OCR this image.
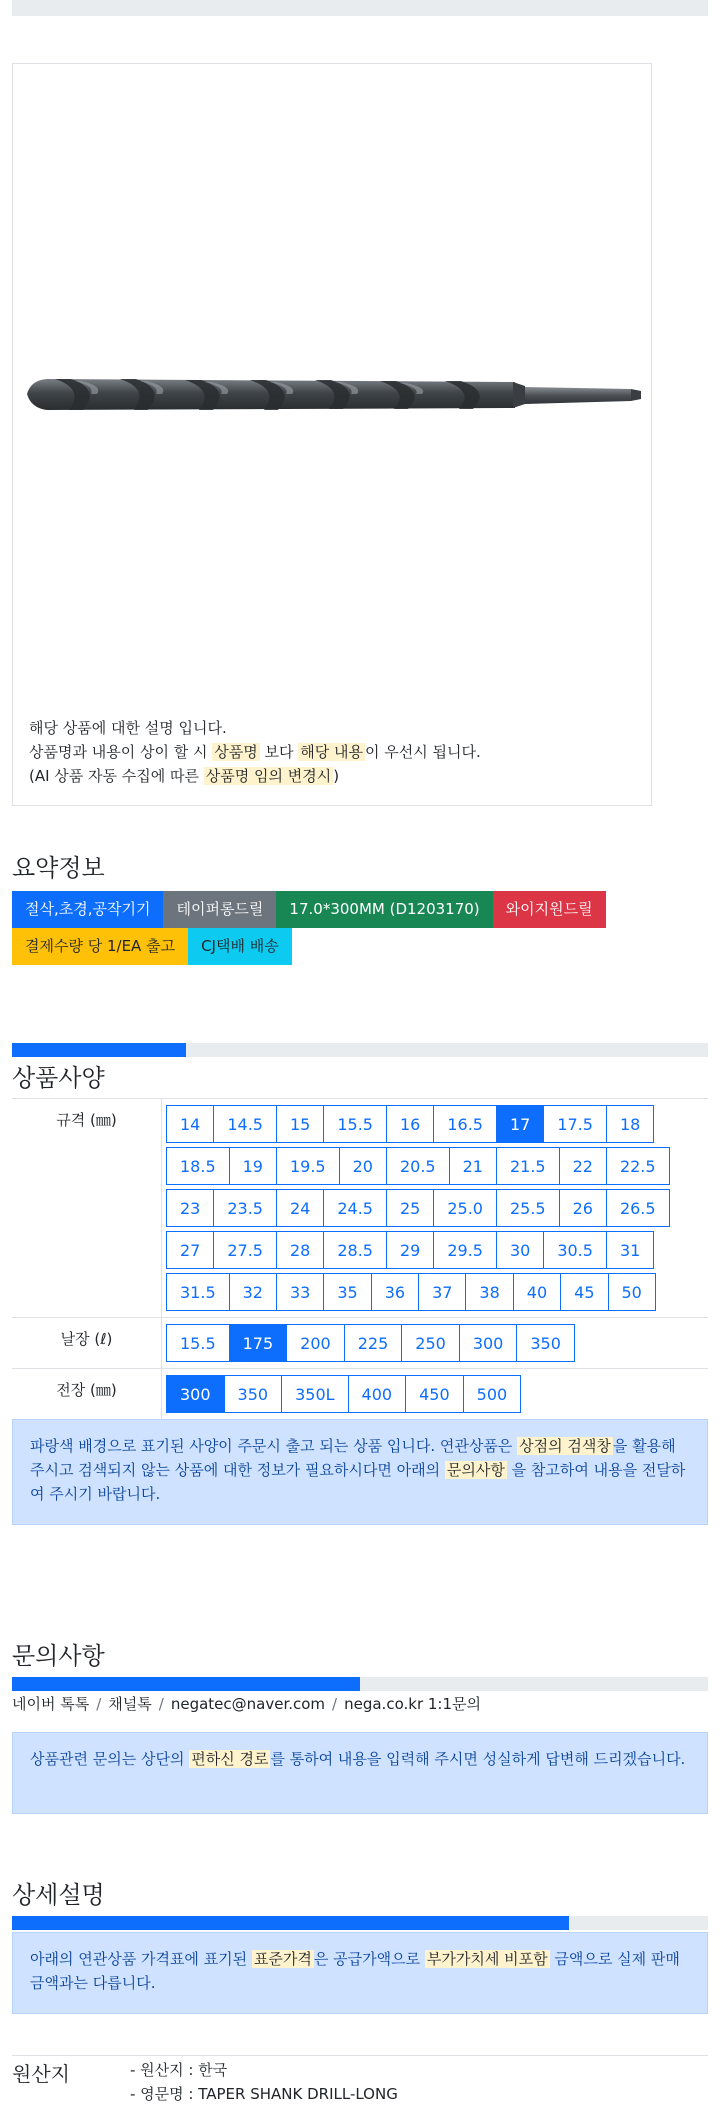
해당 상품에 대한 설명 입니다.
상품명과 내용이 상이 할 시 상품명 보다 해당 내용 이 우선시 됩니다.
(AI 상품 자동 수집에 따른 상품명 임의 변경시 )
요약정보
절삭,초경,공작기기	테이퍼롱드릴	17.0*300MM (D1203170)	와이지원드릴
결제수량 당 1/EA 출고	CJ택배 배송
상품사양
규격 (㎜)	14	14.5	15	15.5	16	16.5	17	17.5	18
18.5	19	19.5	20	20.5	21	21.5	22	22.5
23	23.5	24	24.5	25	25.0	25.5	26	26.5
27	27.5	28	28.5	29	29.5	30	30.5	31
31.5	32	33	35	36	37	38	40	45	50
날장 (ℓ)	15.5	175	200	225	250	300	350
전장 (㎜)	300	350	350L	400	450	500
파랑색 배경으로 표기된 사양이 주문시 출고 되는 상품 입니다. 연관상품은 상점의 검색창 을 활용해 주시고 검색되지 않는 상품에 대한 정보가 필요하시다면 아래의 문의사항 을 참고하여 내용을 전달하여 주시기 바랍니다.
문의사항
네이버 톡톡 / 채널톡 / negatec@naver.com / nega.co.kr 1:1문의
상품관련 문의는 상단의 편하신 경로 를 통하여 내용을 입력해 주시면 성실하게 답변해 드리겠습니다.
상세설명
아래의 연관상품 가격표에 표기된 표준가격 은 공급가액으로 부가가치세 비포함 금액으로 실제 판매금액과는 다릅니다.
원산지	- 원산지 : 한국
- 영문명 : TAPER SHANK DRILL-LONG
